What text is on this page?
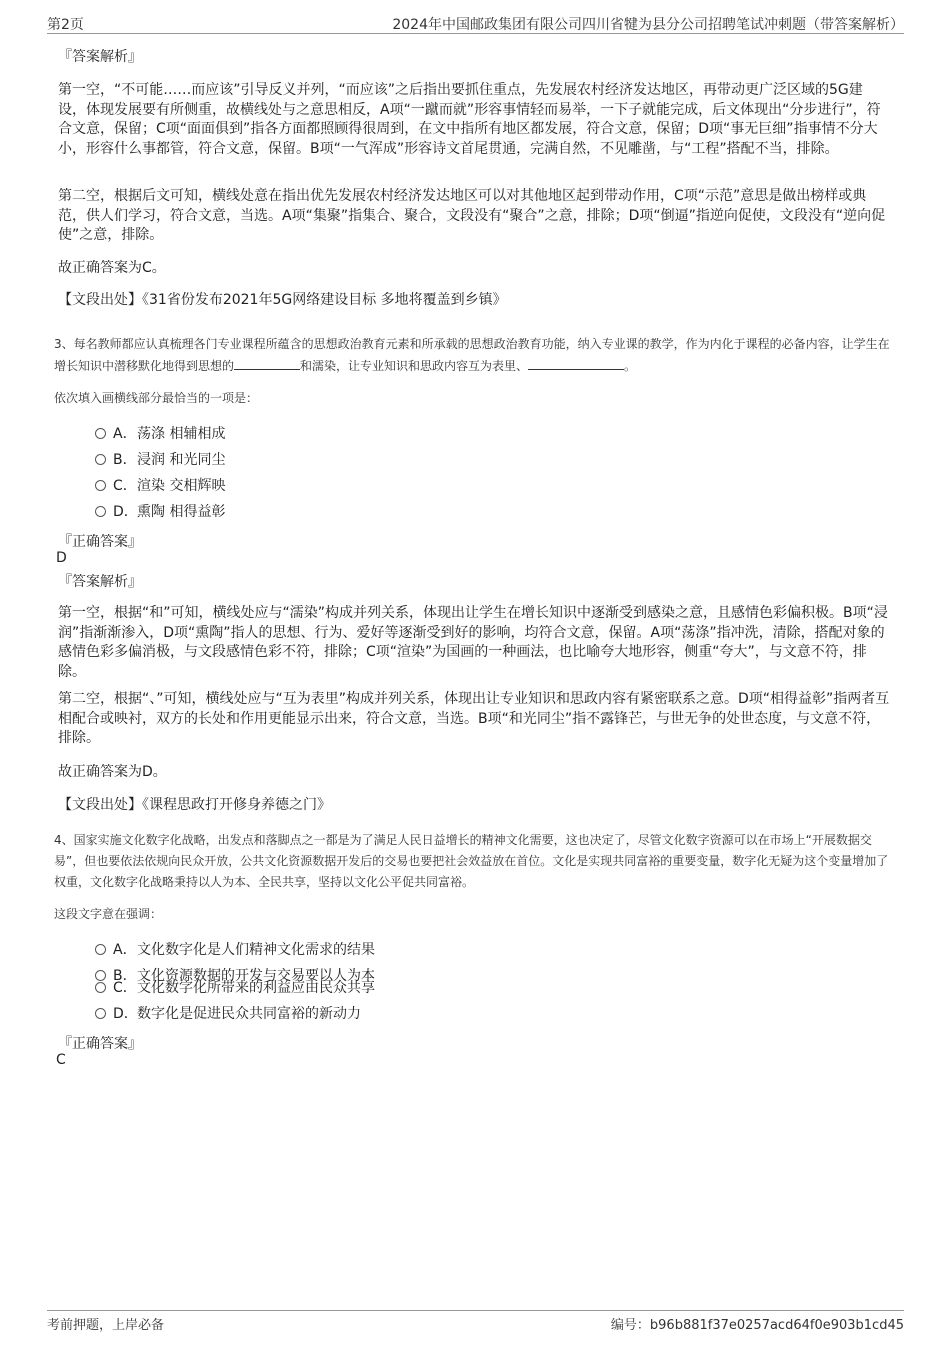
第2页	2024年中国邮政集团有限公司四川省犍为县分公司招聘笔试冲刺题（带答案解析）
『答案解析』
第一空，“不可能……而应该”引导反义并列，“而应该”之后指出要抓住重点，先发展农村经济发达地区，再带动更广泛区域的5G建设，体现发展要有所侧重，故横线处与之意思相反，A项“一蹴而就”形容事情轻而易举，一下子就能完成，后文体现出“分步进行”，符合文意，保留；C项“面面俱到”指各方面都照顾得很周到，在文中指所有地区都发展，符合文意，保留；D项“事无巨细”指事情不分大小，形容什么事都管，符合文意，保留。B项“一气浑成”形容诗文首尾贯通，完满自然，不见雕凿，与“工程”搭配不当，排除。
第二空，根据后文可知，横线处意在指出优先发展农村经济发达地区可以对其他地区起到带动作用，C项“示范”意思是做出榜样或典范，供人们学习，符合文意，当选。A项“集聚”指集合、聚合，文段没有“聚合”之意，排除；D项“倒逼”指逆向促使，文段没有“逆向促使”之意，排除。
故正确答案为C。
【文段出处】《31省份发布2021年5G网络建设目标 多地将覆盖到乡镇》
3、每名教师都应认真梳理各门专业课程所蕴含的思想政治教育元素和所承载的思想政治教育功能，纳入专业课的教学，作为内化于课程的必备内容，让学生在增长知识中潜移默化地得到思想的	和濡染，让专业知识和思政内容互为表里、	。
依次填入画横线部分最恰当的一项是：
A．荡涤 相辅相成
B．浸润 和光同尘
C．渲染 交相辉映
D．熏陶 相得益彰
『正确答案』
D
『答案解析』
第一空，根据“和”可知，横线处应与“濡染”构成并列关系，体现出让学生在增长知识中逐渐受到感染之意，且感情色彩偏积极。B项“浸润”指渐渐渗入，D项“熏陶”指人的思想、行为、爱好等逐渐受到好的影响，均符合文意，保留。A项“荡涤”指冲洗，清除，搭配对象的感情色彩多偏消极，与文段感情色彩不符，排除；C项“渲染”为国画的一种画法，也比喻夸大地形容，侧重“夸大”，与文意不符，排除。
第二空，根据“、”可知，横线处应与“互为表里”构成并列关系，体现出让专业知识和思政内容有紧密联系之意。D项“相得益彰”指两者互相配合或映衬，双方的长处和作用更能显示出来，符合文意，当选。B项“和光同尘”指不露锋芒，与世无争的处世态度，与文意不符，排除。
故正确答案为D。
【文段出处】《课程思政打开修身养德之门》
4、国家实施文化数字化战略，出发点和落脚点之一都是为了满足人民日益增长的精神文化需要，这也决定了，尽管文化数字资源可以在市场上“开展数据交易”，但也要依法依规向民众开放，公共文化资源数据开发后的交易也要把社会效益放在首位。文化是实现共同富裕的重要变量，数字化无疑为这个变量增加了权重，文化数字化战略秉持以人为本、全民共享，坚持以文化公平促共同富裕。
这段文字意在强调：
A．文化数字化是人们精神文化需求的结果
B．文化资源数据的开发与交易要以人为本
C．文化数字化所带来的利益应由民众共享
D．数字化是促进民众共同富裕的新动力
『正确答案』
C
考前押题，上岸必备	编号：b96b881f37e0257acd64f0e903b1cd45
